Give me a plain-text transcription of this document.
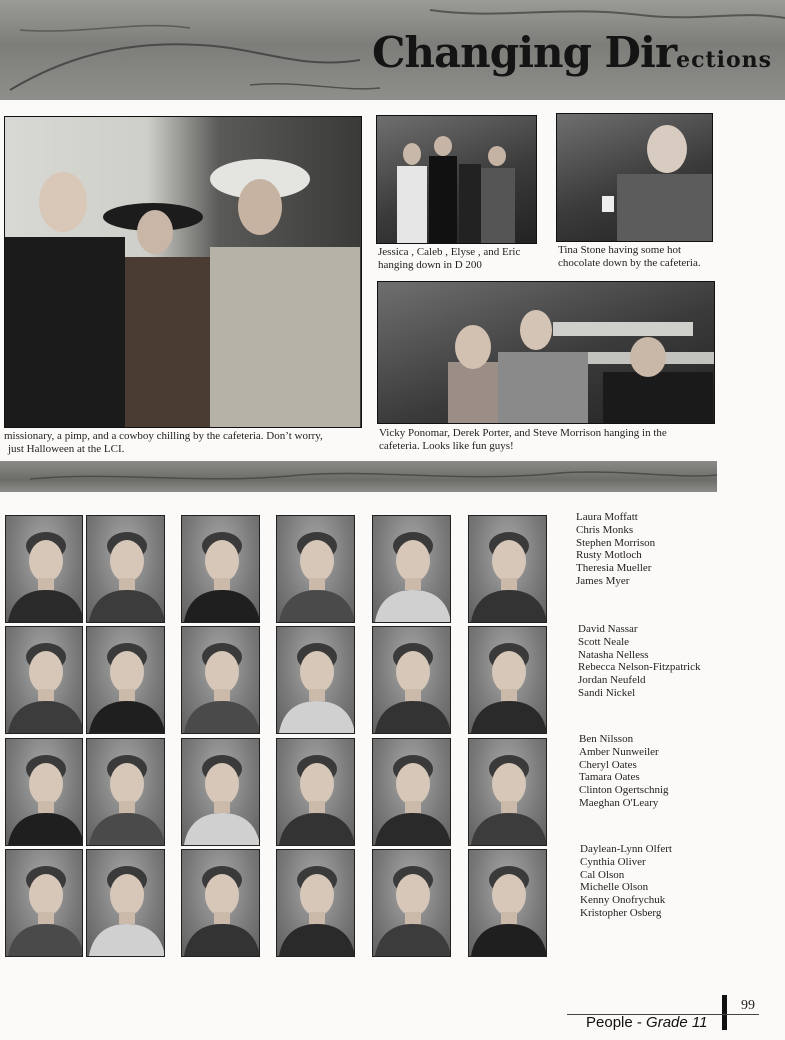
Changing Directions
missionary, a pimp, and a cowboy chilling by the cafeteria. Don’t worry,
just Halloween at the LCI.
Jessica , Caleb , Elyse , and Eric
hanging down in D 200
Tina Stone having some hot
chocolate down by the cafeteria.
Vicky Ponomar, Derek Porter, and Steve Morrison hanging in the
cafeteria. Looks like fun guys!
Laura Moffatt
Chris Monks
Stephen Morrison
Rusty Motloch
Theresia Mueller
James Myer
David Nassar
Scott Neale
Natasha Nelless
Rebecca Nelson-Fitzpatrick
Jordan Neufeld
Sandi Nickel
Ben Nilsson
Amber Nunweiler
Cheryl Oates
Tamara Oates
Clinton Ogertschnig
Maeghan O'Leary
Daylean-Lynn Olfert
Cynthia Oliver
Cal Olson
Michelle Olson
Kenny Onofrychuk
Kristopher Osberg
99
People - Grade 11
